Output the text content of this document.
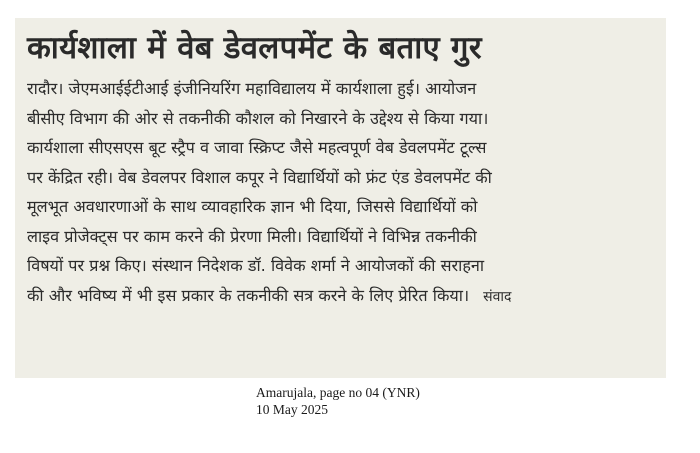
कार्यशाला में वेब डेवलपमेंट के बताए गुर
रादौर। जेएमआईईटीआई इंजीनियरिंग महाविद्यालय में कार्यशाला हुई। आयोजन
बीसीए विभाग की ओर से तकनीकी कौशल को निखारने के उद्देश्य से किया गया।
कार्यशाला सीएसएस बूट स्ट्रैप व जावा स्क्रिप्ट जैसे महत्वपूर्ण वेब डेवलपमेंट टूल्स
पर केंद्रित रही। वेब डेवलपर विशाल कपूर ने विद्यार्थियों को फ्रंट एंड डेवलपमेंट की
मूलभूत अवधारणाओं के साथ व्यावहारिक ज्ञान भी दिया, जिससे विद्यार्थियों को
लाइव प्रोजेक्ट्स पर काम करने की प्रेरणा मिली। विद्यार्थियों ने विभिन्न तकनीकी
विषयों पर प्रश्न किए। संस्थान निदेशक डॉ. विवेक शर्मा ने आयोजकों की सराहना
की और भविष्य में भी इस प्रकार के तकनीकी सत्र करने के लिए प्रेरित किया। संवाद
Amarujala, page no 04 (YNR)
10 May 2025
